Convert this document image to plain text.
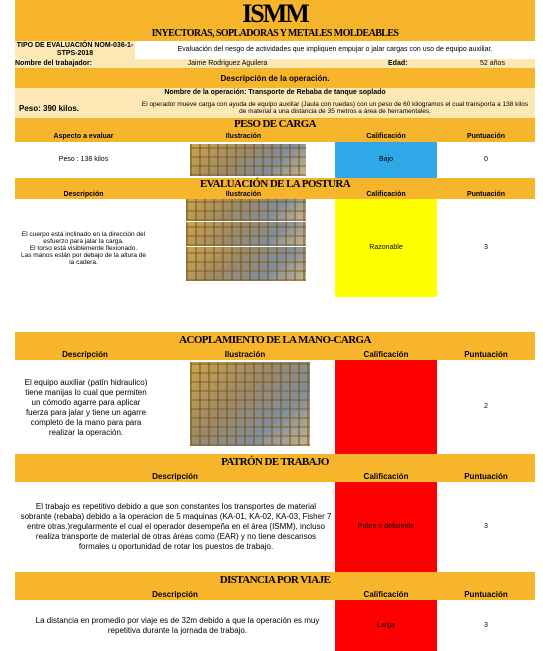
ISMM
INYECTORAS, SOPLADORAS Y METALES MOLDEABLES
TIPO DE EVALUACIÓN NOM-036-1-STPS-2018
Evaluación del riesgo de actividades que impliquen empujar o jalar cargas con uso de equipo auxiliar.
Nombre del trabajador:	Jaime Rodriguez Aguilera	Edad:	52 años
Descripción de la operación.
Nombre de la operación: Transporte de Rebaba de tanque soplado
Peso: 390 kilos.	El operador mueve carga con ayuda de equipo auxiliar (Jaula con ruedas) con un peso de 60 kilogramos el cual transporta a 138 kilos de material a una distancia de 35 metros a área de herramentales.
PESO DE CARGA
Aspecto a evaluar	Ilustración	Calificación	Puntuación
Peso : 138 kilos	Bajo	0
EVALUACIÓN DE LA POSTURA
Descripción	Ilustración	Calificación	Puntuación
El cuerpo está inclinado en la dirección del esfuerzo para jalar la carga.
El torso está visiblemente flexionado.
Las manos están por debajo de la altura de la cadera.
Razonable	3
ACOPLAMIENTO DE LA MANO-CARGA
Descripción	Ilustración	Calificación	Puntuación
El equipo auxiliar (patín hidraulico) tiene manijas lo cual que permiten un cómodo agarre para aplicar fuerza para jalar y tiene un agarre completo de la mano para para realizar la operación.
2
PATRÓN DE TRABAJO
Descripción	Calificación	Puntuación
El trabajo es repetitivo debido a que son constantes los transportes de material sobrante (rebaba) debido a la operacion de 5 maquinas (KA-01, KA-02, KA-03, Fisher 7 entre otras.)regularmente el cual el operador desempeña en el área (ISMM), incluso realiza transporte de material de otras áreas como (EAR) y no tiene descansos formales u oportunidad de rotar los puestos de trabajo.
Pobre o deficiente	3
DISTANCIA POR VIAJE
Descripción	Calificación	Puntuación
La distancia en promedio por viaje es de 32m debido a que la operación es muy repetitiva durante la jornada de trabajo.
Larga	3
